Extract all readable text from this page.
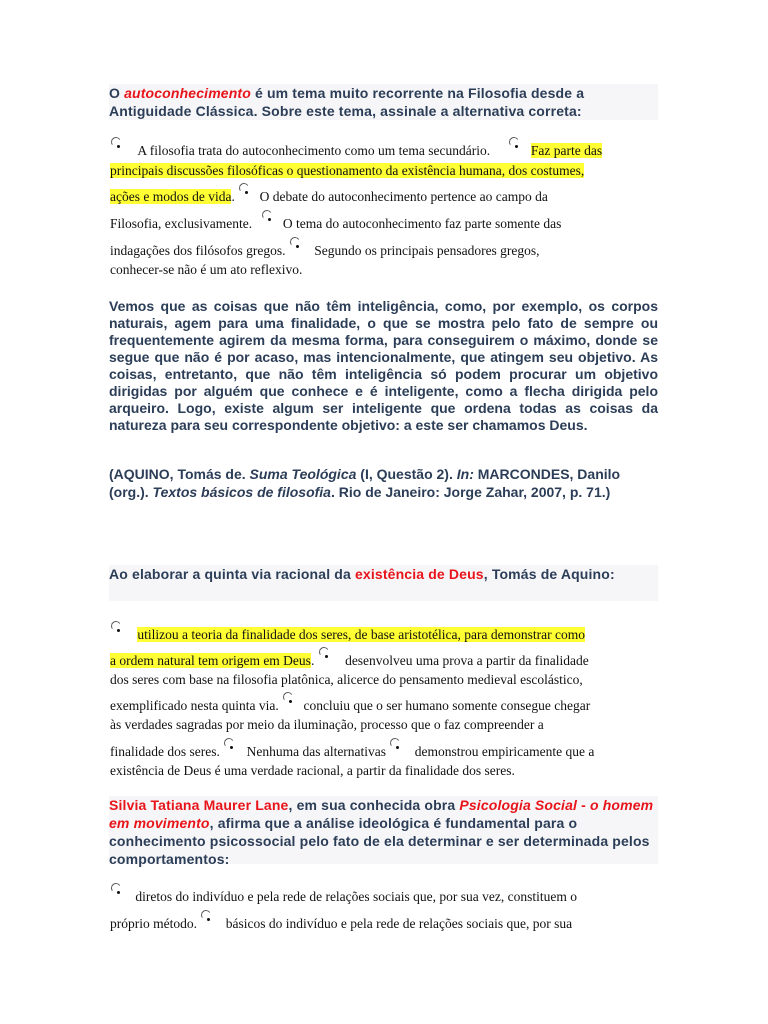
O autoconhecimento é um tema muito recorrente na Filosofia desde a Antiguidade Clássica. Sobre este tema, assinale a alternativa correta:
A filosofia trata do autoconhecimento como um tema secundário.	Faz parte das
principais discussões filosóficas o questionamento da existência humana, dos costumes,
ações e modos de vida.
O debate do autoconhecimento pertence ao campo da
Filosofia, exclusivamente. O tema do autoconhecimento faz parte somente das
indagações dos filósofos gregos. Segundo os principais pensadores gregos,
conhecer-se não é um ato reflexivo.
Vemos que as coisas que não têm inteligência, como, por exemplo, os corpos naturais, agem para uma finalidade, o que se mostra pelo fato de sempre ou frequentemente agirem da mesma forma, para conseguirem o máximo, donde se segue que não é por acaso, mas intencionalmente, que atingem seu objetivo. As coisas, entretanto, que não têm inteligência só podem procurar um objetivo dirigidas por alguém que conhece e é inteligente, como a flecha dirigida pelo arqueiro. Logo, existe algum ser inteligente que ordena todas as coisas da natureza para seu correspondente objetivo: a este ser chamamos Deus.
(AQUINO, Tomás de. Suma Teológica (I, Questão 2). In: MARCONDES, Danilo (org.). Textos básicos de filosofia. Rio de Janeiro: Jorge Zahar, 2007, p. 71.)
Ao elaborar a quinta via racional da existência de Deus, Tomás de Aquino:
utilizou a teoria da finalidade dos seres, de base aristotélica, para demonstrar como
a ordem natural tem origem em Deus. desenvolveu uma prova a partir da finalidade
dos seres com base na filosofia platônica, alicerce do pensamento medieval escolástico,
exemplificado nesta quinta via. concluiu que o ser humano somente consegue chegar
às verdades sagradas por meio da iluminação, processo que o faz compreender a
finalidade dos seres. Nenhuma das alternativas demonstrou empiricamente que a
existência de Deus é uma verdade racional, a partir da finalidade dos seres.
Silvia Tatiana Maurer Lane, em sua conhecida obra Psicologia Social - o homem em movimento, afirma que a análise ideológica é fundamental para o conhecimento psicossocial pelo fato de ela determinar e ser determinada pelos comportamentos:
diretos do indivíduo e pela rede de relações sociais que, por sua vez, constituem o
próprio método. básicos do indivíduo e pela rede de relações sociais que, por sua
